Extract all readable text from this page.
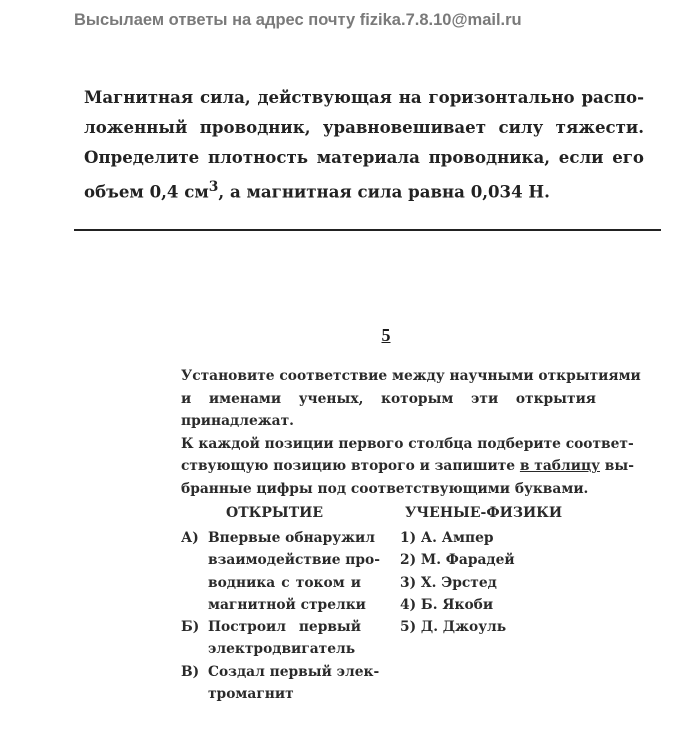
Высылаем ответы на адрес почту fizika.7.8.10@mail.ru
Магнитная сила, действующая на горизонтально распо-
ложенный проводник, уравновешивает силу тяжести.
Определите плотность материала проводника, если его
объем 0,4 $см^3$, а магнитная сила равна 0,034 Н.
5
Установите соответствие между научными открытиями
и именами ученых, которым эти открытия
принадлежат.
К каждой позиции первого столбца подберите соответ-
ствующую позицию второго и запишите в таблицу вы-
бранные цифры под соответствующими буквами.
ОТКРЫТИЕ	УЧЕНЫЕ-ФИЗИКИ
А) Впервые обнаружил
взаимодействие про-
водника с током и
магнитной стрелки
Б) Построил первый
электродвигатель
В) Создал первый элек-
тромагнит
1) А. Ампер
2) М. Фарадей
3) Х. Эрстед
4) Б. Якоби
5) Д. Джоуль
